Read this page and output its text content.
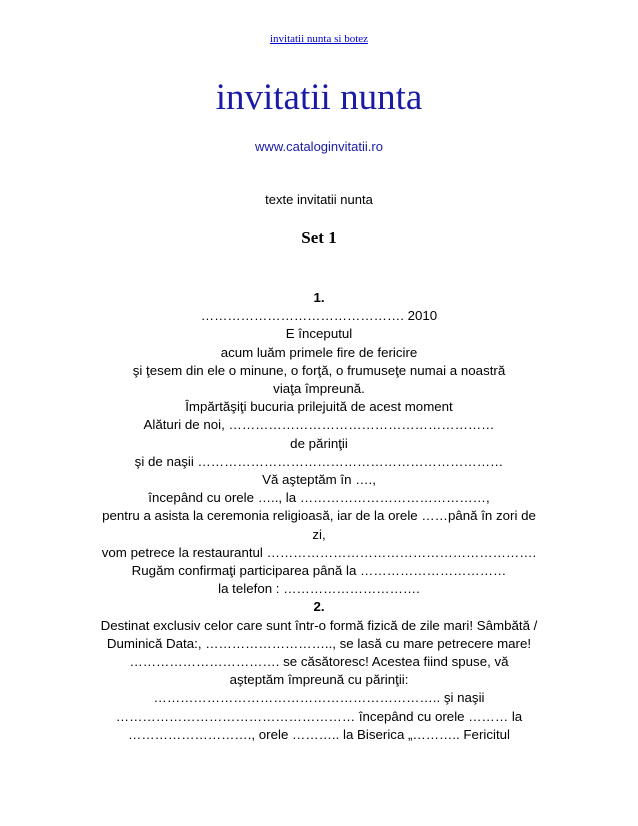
invitatii nunta si botez
invitatii nunta
www.cataloginvitatii.ro
texte invitatii nunta
Set 1
1.
………………………………………. 2010
E începutul
acum luăm primele fire de fericire
şi ţesem din ele o minune, o forţă, o frumuseţe numai a noastră
viaţa împreună.
Împărtăşiţi bucuria prilejuită de acest moment
Alături de noi, ……………………………………………………
de părinţii
şi de naşii ……………………………………………………………
Vă aşteptăm în ….,
începând cu orele ….., la ……………………………………,
pentru a asista la ceremonia religioasă, iar de la orele ……până în zori de
zi,
vom petrece la restaurantul …………………………………………………….
Rugăm confirmaţi participarea până la ……………………………
la telefon : ………………………….
2.
Destinat exclusiv celor care sunt într-o formă fizică de zile mari! Sâmbătă /
Duminică Data:, ……………………….., se lasă cu mare petrecere mare!
……………………………. se căsătoresc! Acestea fiind spuse, vă
aşteptăm împreună cu părinţii:
……………………………………………………….. şi naşii
……………………………………………… începând cu orele ……… la
………………………., orele ……….. la Biserica „……….. Fericitul
